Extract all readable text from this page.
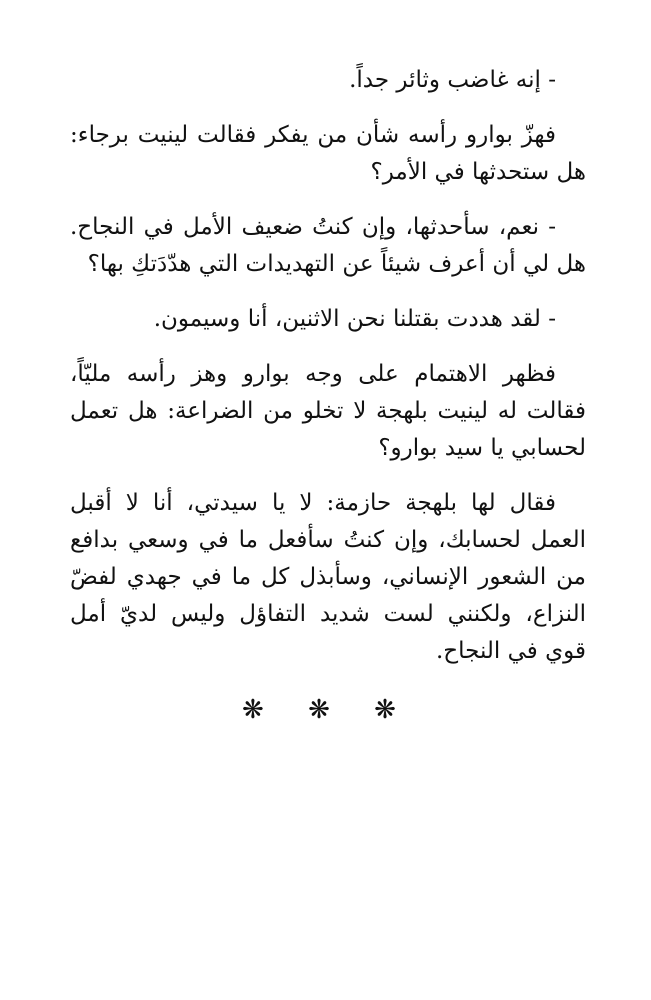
- إنه غاضب وثائر جداً.

فهزّ بوارو رأسه شأن من يفكر فقالت لينيت برجاء: هل ستحدثها في الأمر؟

- نعم، سأحدثها، وإن كنتُ ضعيف الأمل في النجاح. هل لي أن أعرف شيئاً عن التهديدات التي هدّدَتكِ بها؟

- لقد هددت بقتلنا نحن الاثنين، أنا وسيمون.

فظهر الاهتمام على وجه بوارو وهز رأسه مليّاً، فقالت له لينيت بلهجة لا تخلو من الضراعة: هل تعمل لحسابي يا سيد بوارو؟

فقال لها بلهجة حازمة: لا يا سيدتي، أنا لا أقبل العمل لحسابك، وإن كنتُ سأفعل ما في وسعي بدافع من الشعور الإنساني، وسأبذل كل ما في جهدي لفضّ النزاع، ولكنني لست شديد التفاؤل وليس لديّ أمل قوي في النجاح.

❋ ❋ ❋
